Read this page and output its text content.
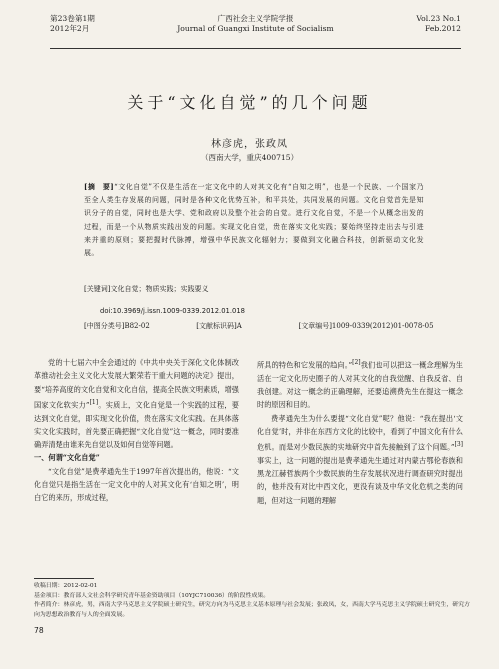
第23卷第1期
2012年2月
广西社会主义学院学报
Journal of Guangxi Institute of Socialism
Vol.23 No.1
Feb.2012
关于“文化自觉”的几个问题
林彦虎，张政凤
（西南大学，重庆400715）
[摘　要]“文化自觉”不仅是生活在一定文化中的人对其文化有“自知之明”，也是一个民族、一个国家乃至全人类生存发展的问题，同时是各种文化优势互补，和平共处，共同发展的问题。文化自觉首先是知识分子的自觉，同时也是大学、党和政府以及整个社会的自觉。进行文化自觉，不是一个从概念出发的过程，而是一个从物质实践出发的问题。实现文化自觉，贵在落实文化实践；要始终坚持走出去与引进来并重的原则；要把握时代脉搏，增强中华民族文化辐射力；要做到文化融合科技，创新驱动文化发展。
[关键词]文化自觉；物质实践；实践要义
doi:10.3969/j.issn.1009-0339.2012.01.018
[中图分类号]B82-02	[文献标识码]A	[文章编号]1009-0339(2012)01-0078-05

党的十七届六中全会通过的《中共中央关于深化文化体制改革推动社会主义文化大发展大繁荣若干重大问题的决定》提出，要“培养高度的文化自觉和文化自信，提高全民族文明素质，增强国家文化软实力”[1]。实质上，文化自觉是一个实践的过程，要达到文化自觉，即实现文化价值，贵在落实文化实践。在具体落实文化实践时，首先要正确把握“文化自觉”这一概念，同时要准确弄清楚由谁来先自觉以及如何自觉等问题。

一、何谓“文化自觉”

“文化自觉”是费孝通先生于1997年首次提出的，他说：“文化自觉只是指生活在一定文化中的人对其文化有‘自知之明’，明白它的来历，形成过程，

所具的特色和它发展的趋向。”[2]我们也可以把这一概念理解为生活在一定文化历史圈子的人对其文化的自我觉醒、自我反省、自我创建。对这一概念的正确理解，还要追溯费先生在提这一概念时的原因和目的。

费孝通先生为什么要提“文化自觉”呢？他说：“我在提出‘文化自觉’时，并非在东西方文化的比较中，看到了中国文化有什么危机。而是对少数民族的实地研究中首先接触到了这个问题。”[3]事实上，这一问题的提出是费孝通先生通过对内蒙古鄂伦春族和黑龙江赫哲族两个少数民族的生存发展状况进行调查研究时提出的，他并没有对比中西文化，更没有谈及中华文化危机之类的问题，但对这一问题的理解

收稿日期：2012-02-01

基金项目：教育部人文社会科学研究青年基金资助项目（10YJC710036）的阶段性成果。

作者简介：林彦虎，男，西南大学马克思主义学院硕士研究生，研究方向为马克思主义基本原理与社会发展；张政凤，女，西南大学马克思主义学院硕士研究生，研究方向为思想政治教育与人的全面发展。

78
